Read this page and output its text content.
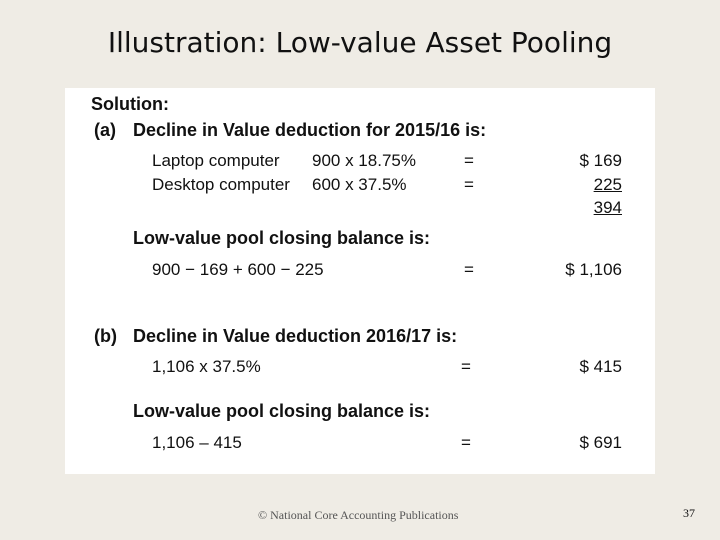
Illustration: Low-value Asset Pooling
Solution:
(a) Decline in Value deduction for 2015/16 is:
Laptop computer 900 x 18.75%	=	$ 169
Desktop computer 600 x 37.5%	=	225
394
Low-value pool closing balance is:
900 − 169 + 600 − 225	=	$ 1,106
(b) Decline in Value deduction 2016/17 is:
1,106 x 37.5%	=	$ 415
Low-value pool closing balance is:
1,106 – 415	=	$ 691
© National Core Accounting Publications	37
